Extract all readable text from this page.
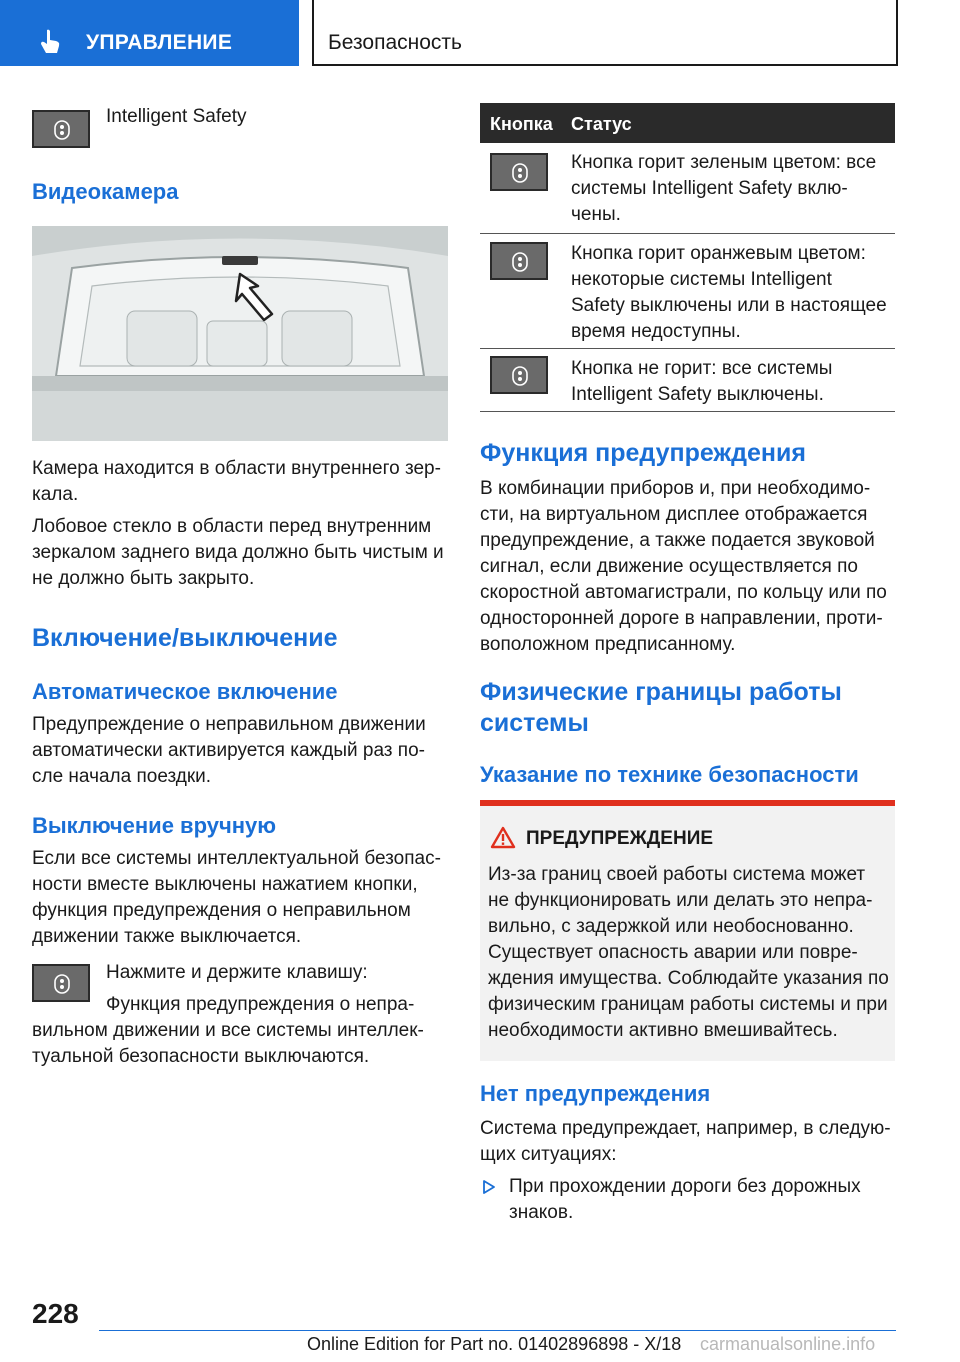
УПРАВЛЕНИЕ	Безопасность
Intelligent Safety
Видеокамера
Камера находится в области внутреннего зер-
кала.
Лобовое стекло в области перед внутренним
зеркалом заднего вида должно быть чистым и
не должно быть закрыто.
Включение/выключение
Автоматическое включение
Предупреждение о неправильном движении
автоматически активируется каждый раз по-
сле начала поездки.
Выключение вручную
Если все системы интеллектуальной безопас-
ности вместе выключены нажатием кнопки,
функция предупреждения о неправильном
движении также выключается.
Нажмите и держите клавишу:
Функция предупреждения о непра-
вильном движении и все системы интеллек-
туальной безопасности выключаются.
Кнопка Статус
Кнопка горит зеленым цветом: все
системы Intelligent Safety вклю-
чены.
Кнопка горит оранжевым цветом:
некоторые системы Intelligent
Safety выключены или в настоящее
время недоступны.
Кнопка не горит: все системы
Intelligent Safety выключены.
Функция предупреждения
В комбинации приборов и, при необходимо-
сти, на виртуальном дисплее отображается
предупреждение, а также подается звуковой
сигнал, если движение осуществляется по
скоростной автомагистрали, по кольцу или по
односторонней дороге в направлении, проти-
воположном предписанному.
Физические границы работы
системы
Указание по технике безопасности
ПРЕДУПРЕЖДЕНИЕ
Из-за границ своей работы система может
не функционировать или делать это непра-
вильно, с задержкой или необоснованно.
Существует опасность аварии или повре-
ждения имущества. Соблюдайте указания по
физическим границам работы системы и при
необходимости активно вмешивайтесь.
Нет предупреждения
Система предупреждает, например, в следую-
щих ситуациях:
При прохождении дороги без дорожных
знаков.
228
Online Edition for Part no. 01402896898 - X/18 carmanualsonline.info
